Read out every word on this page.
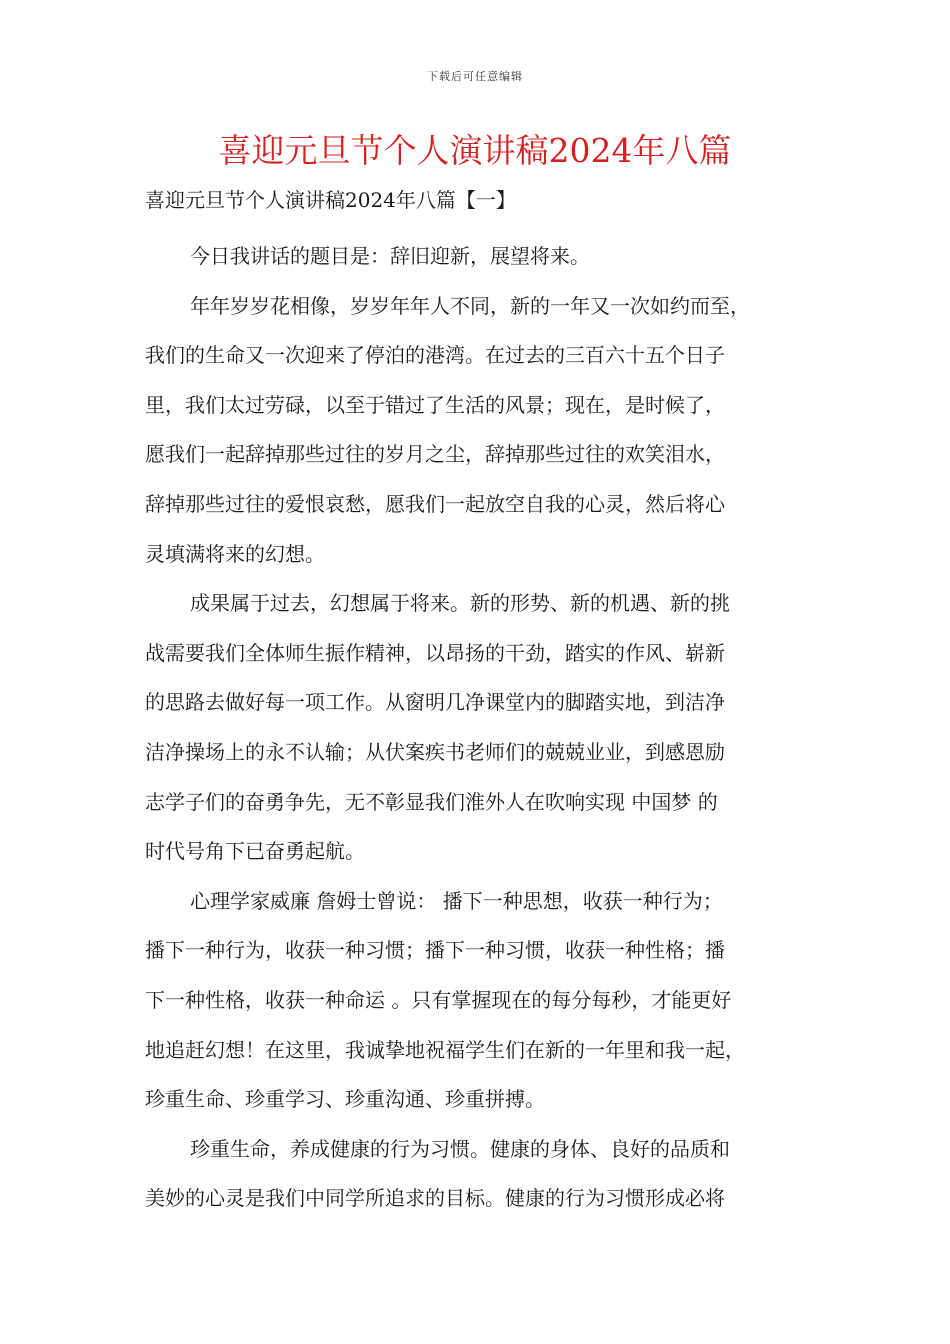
下载后可任意编辑
喜迎元旦节个人演讲稿2024年八篇
喜迎元旦节个人演讲稿2024年八篇【一】
今日我讲话的题目是：辞旧迎新，展望将来。
年年岁岁花相像，岁岁年年人不同，新的一年又一次如约而至，
我们的生命又一次迎来了停泊的港湾。在过去的三百六十五个日子
里，我们太过劳碌，以至于错过了生活的风景；现在，是时候了，
愿我们一起辞掉那些过往的岁月之尘，辞掉那些过往的欢笑泪水，
辞掉那些过往的爱恨哀愁，愿我们一起放空自我的心灵，然后将心
灵填满将来的幻想。
成果属于过去，幻想属于将来。新的形势、新的机遇、新的挑
战需要我们全体师生振作精神，以昂扬的干劲，踏实的作风、崭新
的思路去做好每一项工作。从窗明几净课堂内的脚踏实地，到洁净
洁净操场上的永不认输；从伏案疾书老师们的兢兢业业，到感恩励
志学子们的奋勇争先，无不彰显我们淮外人在吹响实现 中国梦 的
时代号角下已奋勇起航。
心理学家威廉 詹姆士曾说： 播下一种思想，收获一种行为；
播下一种行为，收获一种习惯；播下一种习惯，收获一种性格；播
下一种性格，收获一种命运 。只有掌握现在的每分每秒，才能更好
地追赶幻想！在这里，我诚挚地祝福学生们在新的一年里和我一起，
珍重生命、珍重学习、珍重沟通、珍重拼搏。
珍重生命，养成健康的行为习惯。健康的身体、良好的品质和
美妙的心灵是我们中同学所追求的目标。健康的行为习惯形成必将
